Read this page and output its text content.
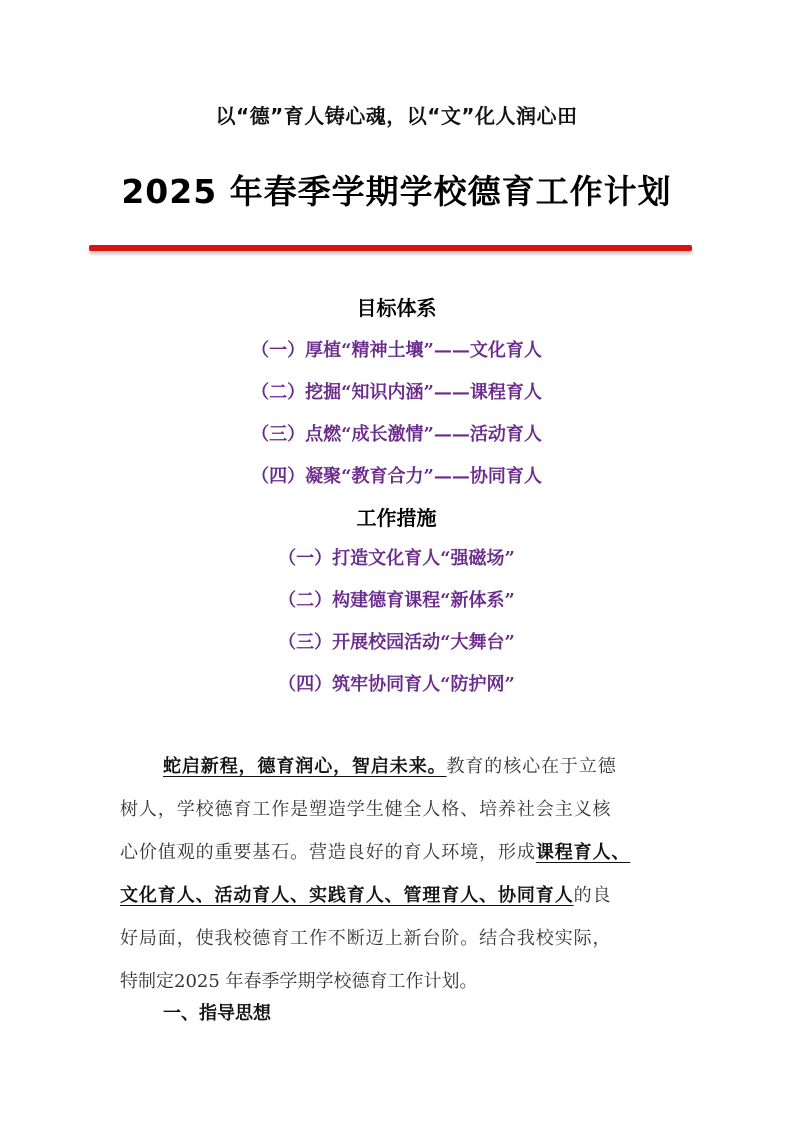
以“德”育人铸心魂，以“文”化人润心田
2025 年春季学期学校德育工作计划
目标体系
（一）厚植“精神土壤”——文化育人
（二）挖掘“知识内涵”——课程育人
（三）点燃“成长激情”——活动育人
（四）凝聚“教育合力”——协同育人
工作措施
（一）打造文化育人“强磁场”
（二）构建德育课程“新体系”
（三）开展校园活动“大舞台”
（四）筑牢协同育人“防护网”
蛇启新程，德育润心，智启未来。教育的核心在于立德
树人，学校德育工作是塑造学生健全人格、培养社会主义核
心价值观的重要基石。营造良好的育人环境，形成课程育人、
文化育人、活动育人、实践育人、管理育人、协同育人的良
好局面，使我校德育工作不断迈上新台阶。结合我校实际，
特制定2025 年春季学期学校德育工作计划。
一、指导思想
